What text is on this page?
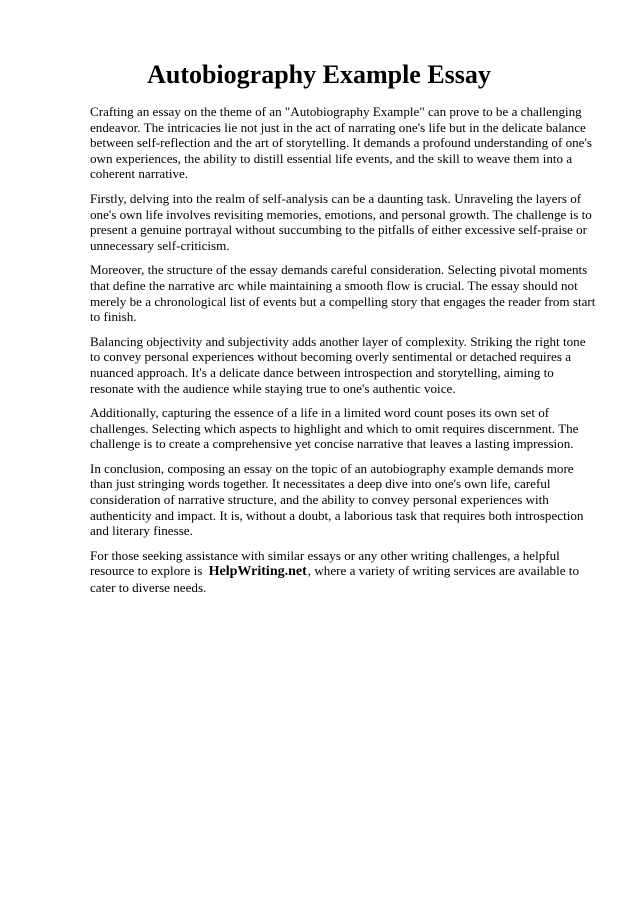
Autobiography Example Essay

Crafting an essay on the theme of an "Autobiography Example" can prove to be a challenging endeavor. The intricacies lie not just in the act of narrating one's life but in the delicate balance between self-reflection and the art of storytelling. It demands a profound understanding of one's own experiences, the ability to distill essential life events, and the skill to weave them into a coherent narrative.

Firstly, delving into the realm of self-analysis can be a daunting task. Unraveling the layers of one's own life involves revisiting memories, emotions, and personal growth. The challenge is to present a genuine portrayal without succumbing to the pitfalls of either excessive self-praise or unnecessary self-criticism.

Moreover, the structure of the essay demands careful consideration. Selecting pivotal moments that define the narrative arc while maintaining a smooth flow is crucial. The essay should not merely be a chronological list of events but a compelling story that engages the reader from start to finish.

Balancing objectivity and subjectivity adds another layer of complexity. Striking the right tone to convey personal experiences without becoming overly sentimental or detached requires a nuanced approach. It's a delicate dance between introspection and storytelling, aiming to resonate with the audience while staying true to one's authentic voice.

Additionally, capturing the essence of a life in a limited word count poses its own set of challenges. Selecting which aspects to highlight and which to omit requires discernment. The challenge is to create a comprehensive yet concise narrative that leaves a lasting impression.

In conclusion, composing an essay on the topic of an autobiography example demands more than just stringing words together. It necessitates a deep dive into one's own life, careful consideration of narrative structure, and the ability to convey personal experiences with authenticity and impact. It is, without a doubt, a laborious task that requires both introspection and literary finesse.

For those seeking assistance with similar essays or any other writing challenges, a helpful resource to explore is HelpWriting.net, where a variety of writing services are available to cater to diverse needs.
